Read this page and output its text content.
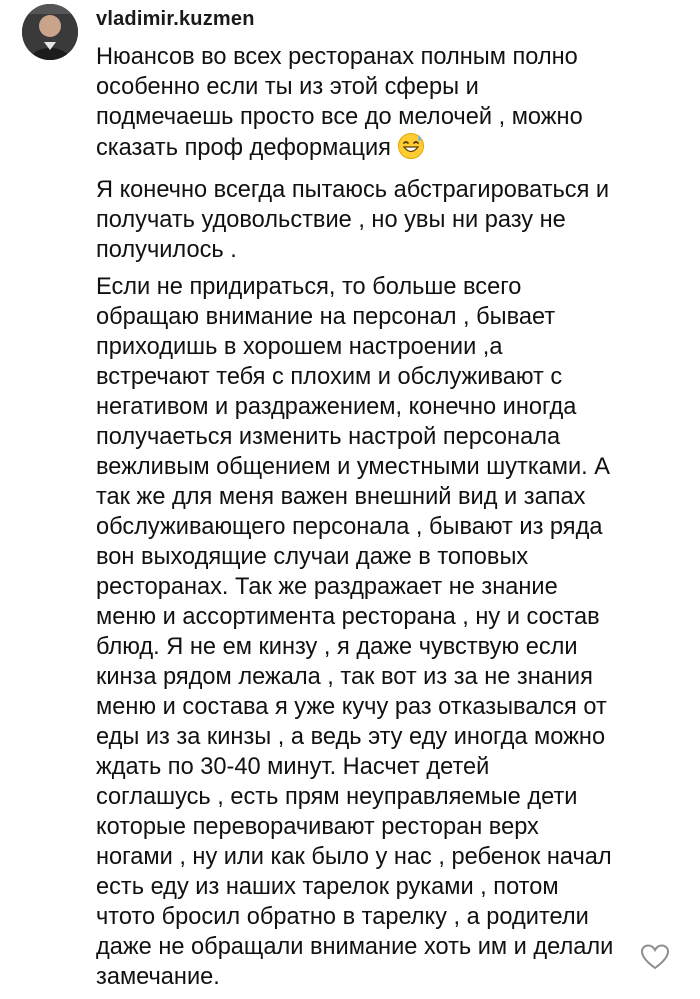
vladimir.kuzmen

Нюансов во всех ресторанах полным полно
особенно если ты из этой сферы и
подмечаешь просто все до мелочей , можно
сказать проф деформация

Я конечно всегда пытаюсь абстрагироваться и
получать удовольствие , но увы ни разу не
получилось .

Если не придираться, то больше всего
обращаю внимание на персонал , бывает
приходишь в хорошем настроении ,а
встречают тебя с плохим и обслуживают с
негативом и раздражением, конечно иногда
получаеться изменить настрой персонала
вежливым общением и уместными шутками. А
так же для меня важен внешний вид и запах
обслуживающего персонала , бывают из ряда
вон выходящие случаи даже в топовых
ресторанах. Так же раздражает не знание
меню и ассортимента ресторана , ну и состав
блюд. Я не ем кинзу , я даже чувствую если
кинза рядом лежала , так вот из за не знания
меню и состава я уже кучу раз отказывался от
еды из за кинзы , а ведь эту еду иногда можно
ждать по 30-40 минут. Насчет детей
соглашусь , есть прям неуправляемые дети
которые переворачивают ресторан верх
ногами , ну или как было у нас , ребенок начал
есть еду из наших тарелок руками , потом
чтото бросил обратно в тарелку , а родители
даже не обращали внимание хоть им и делали
замечание.
